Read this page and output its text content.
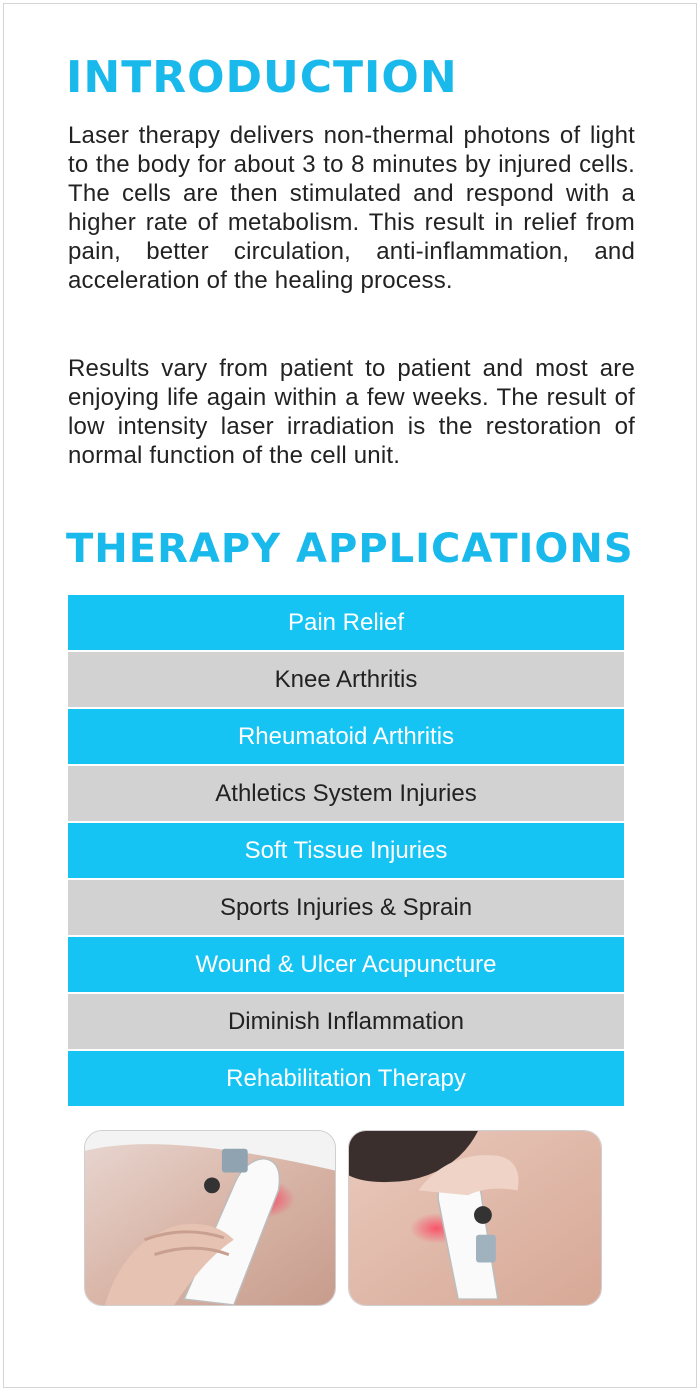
INTRODUCTION

Laser therapy delivers non-thermal photons of light to the body for about 3 to 8 minutes by injured cells. The cells are then stimulated and respond with a higher rate of metabolism. This result in relief from pain, better circulation, anti-inflammation, and acceleration of the healing process.

Results vary from patient to patient and most are enjoying life again within a few weeks. The result of low intensity laser irradiation is the restoration of normal function of the cell unit.

THERAPY APPLICATIONS
Pain Relief
Knee Arthritis
Rheumatoid Arthritis
Athletics System Injuries
Soft Tissue Injuries
Sports Injuries & Sprain
Wound & Ulcer Acupuncture
Diminish Inflammation
Rehabilitation Therapy
